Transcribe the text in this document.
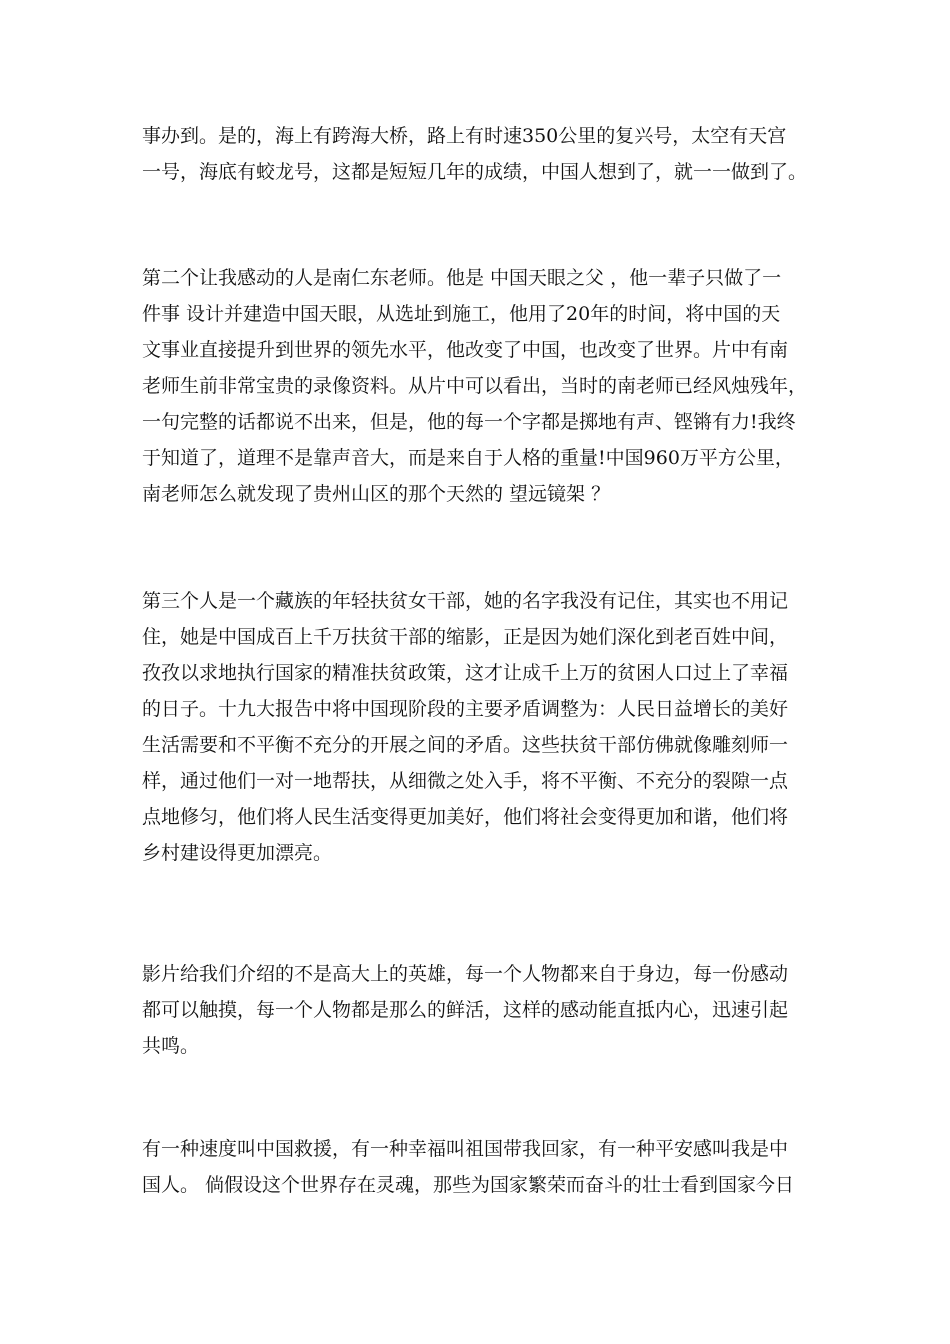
事办到。是的，海上有跨海大桥，路上有时速350公里的复兴号，太空有天宫
一号，海底有蛟龙号，这都是短短几年的成绩，中国人想到了，就一一做到了。
第二个让我感动的人是南仁东老师。他是 中国天眼之父 ，他一辈子只做了一
件事 设计并建造中国天眼，从选址到施工，他用了20年的时间，将中国的天
文事业直接提升到世界的领先水平，他改变了中国，也改变了世界。片中有南
老师生前非常宝贵的录像资料。从片中可以看出，当时的南老师已经风烛残年，
一句完整的话都说不出来，但是，他的每一个字都是掷地有声、铿锵有力!我终
于知道了，道理不是靠声音大，而是来自于人格的重量!中国960万平方公里，
南老师怎么就发现了贵州山区的那个天然的 望远镜架 ？
第三个人是一个藏族的年轻扶贫女干部，她的名字我没有记住，其实也不用记
住，她是中国成百上千万扶贫干部的缩影，正是因为她们深化到老百姓中间，
孜孜以求地执行国家的精准扶贫政策，这才让成千上万的贫困人口过上了幸福
的日子。十九大报告中将中国现阶段的主要矛盾调整为：人民日益增长的美好
生活需要和不平衡不充分的开展之间的矛盾。这些扶贫干部仿佛就像雕刻师一
样，通过他们一对一地帮扶，从细微之处入手，将不平衡、不充分的裂隙一点
点地修匀，他们将人民生活变得更加美好，他们将社会变得更加和谐，他们将
乡村建设得更加漂亮。
影片给我们介绍的不是高大上的英雄，每一个人物都来自于身边，每一份感动
都可以触摸，每一个人物都是那么的鲜活，这样的感动能直抵内心，迅速引起
共鸣。
有一种速度叫中国救援，有一种幸福叫祖国带我回家，有一种平安感叫我是中
国人。 倘假设这个世界存在灵魂，那些为国家繁荣而奋斗的壮士看到国家今日
